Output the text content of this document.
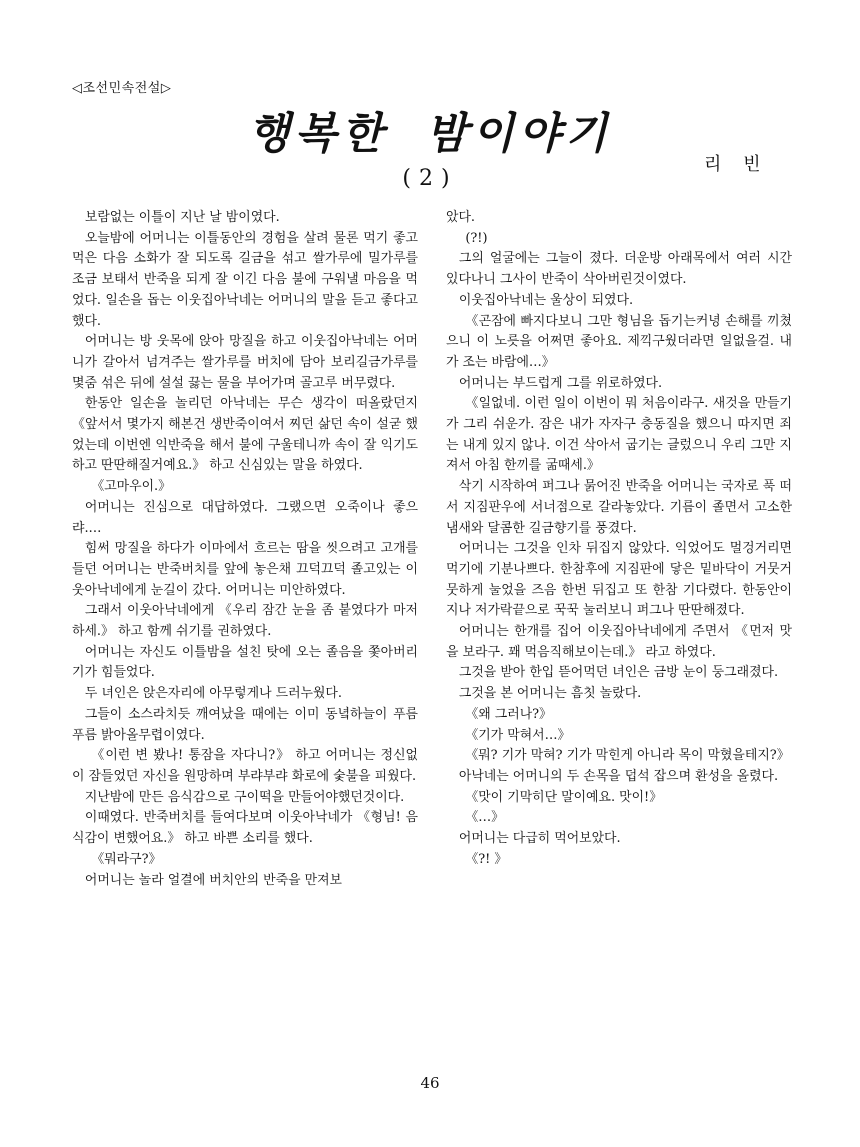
◁조선민속전설▷
행복한 밤이야기
리 빈
(2)

보람없는 이틀이 지난 날 밤이였다.

오늘밤에 어머니는 이틀동안의 경험을 살려 물론 먹기 좋고 먹은 다음 소화가 잘 되도록 길금을 섞고 쌀가루에 밀가루를 조금 보태서 반죽을 되게 잘 이긴 다음 불에 구워낼 마음을 먹었다. 일손을 돕는 이웃집아낙네는 어머니의 말을 듣고 좋다고 했다.

어머니는 방 웃목에 앉아 망질을 하고 이웃집아낙네는 어머니가 갈아서 넘겨주는 쌀가루를 버치에 담아 보리길금가루를 몇줌 섞은 뒤에 설설 끓는 물을 부어가며 골고루 버무렸다.

한동안 일손을 놀리던 아낙네는 무슨 생각이 떠올랐던지 《앞서서 몇가지 해본건 생반죽이여서 찌던 삶던 속이 설굳 했었는데 이번엔 익반죽을 해서 불에 구울테니까 속이 잘 익기도 하고 딴딴해질거예요.》 하고 신심있는 말을 하였다.

《고마우이.》

어머니는 진심으로 대답하였다. 그랬으면 오죽이나 좋으랴.…

힘써 망질을 하다가 이마에서 흐르는 땀을 씻으려고 고개를 들던 어머니는 반죽버치를 앞에 놓은채 끄덕끄덕 졸고있는 이웃아낙네에게 눈길이 갔다. 어머니는 미안하였다.

그래서 이웃아낙네에게 《우리 잠간 눈을 좀 붙였다가 마저 하세.》 하고 함께 쉬기를 권하였다.

어머니는 자신도 이틀밤을 설친 탓에 오는 졸음을 쫓아버리기가 힘들었다.

두 녀인은 앉은자리에 아무렇게나 드러누웠다.

그들이 소스라치듯 깨여났을 때에는 이미 동녘하늘이 푸름푸름 밝아올무렵이였다.

《이런 변 봤나! 통잠을 자다니?》 하고 어머니는 정신없이 잠들었던 자신을 원망하며 부랴부랴 화로에 숯불을 피웠다.

지난밤에 만든 음식감으로 구이떡을 만들어야했던것이다.

이때였다. 반죽버치를 들여다보며 이웃아낙네가 《형님! 음식감이 변했어요.》 하고 바쁜 소리를 했다.

《뭐라구?》

어머니는 놀라 얼결에 버치안의 반죽을 만져보

았다.

(?!)

그의 얼굴에는 그늘이 졌다. 더운방 아래목에서 여러 시간 있다나니 그사이 반죽이 삭아버린것이였다.

이웃집아낙네는 울상이 되였다.

《곤잠에 빠지다보니 그만 형님을 돕기는커녕 손해를 끼쳤으니 이 노릇을 어쩌면 좋아요. 제끽구웠더라면 일없을걸. 내가 조는 바람에…》

어머니는 부드럽게 그를 위로하였다.

《일없네. 이런 일이 이번이 뭐 처음이라구. 새것을 만들기가 그리 쉬운가. 잠은 내가 자자구 충동질을 했으니 따지면 죄는 내게 있지 않나. 이건 삭아서 굽기는 글렀으니 우리 그만 지져서 아침 한끼를 굶때세.》

삭기 시작하여 퍼그나 묽어진 반죽을 어머니는 국자로 푹 떠서 지짐판우에 서너점으로 갈라놓았다. 기름이 졸면서 고소한 냄새와 달콤한 길금향기를 풍겼다.

어머니는 그것을 인차 뒤집지 않았다. 익었어도 멀겅거리면 먹기에 기분나쁘다. 한참후에 지짐판에 닿은 밑바닥이 거뭇거뭇하게 눌었을 즈음 한번 뒤집고 또 한참 기다렸다. 한동안이 지나 저가락끝으로 꾹꾹 눌러보니 퍼그나 딴딴해졌다.

어머니는 한개를 집어 이웃집아낙네에게 주면서 《먼저 맛을 보라구. 꽤 먹음직해보이는데.》 라고 하였다.

그것을 받아 한입 뜯어먹던 녀인은 금방 눈이 둥그래졌다.

그것을 본 어머니는 흠칫 놀랐다.

《왜 그러나?》

《기가 막혀서…》

《뭐? 기가 막혀? 기가 막힌게 아니라 목이 막혔을테지?》

아낙네는 어머니의 두 손목을 덥석 잡으며 환성을 올렸다.

《맛이 기막히단 말이예요. 맛이!》

《…》

어머니는 다급히 먹어보았다.

《?! 》

46
